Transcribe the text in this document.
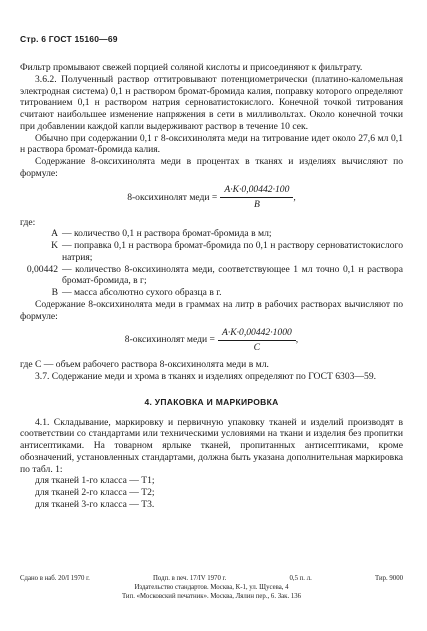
Стр. 6 ГОСТ 15160—69

Фильтр промывают свежей порцией соляной кислоты и присоединяют к фильтрату.

3.6.2. Полученный раствор оттитровывают потенциометрически (платино-каломельная электродная система) 0,1 н раствором бромат-бромида калия, поправку которого определяют титрованием 0,1 н раствором натрия серноватистокислого. Конечной точкой титрования считают наибольшее изменение напряжения в сети в милливольтах. Около конечной точки при добавлении каждой капли выдерживают раствор в течение 10 сек.

Обычно при содержании 0,1 г 8-оксихинолята меди на титрование идет около 27,6 мл 0,1 н раствора бромат-бромида калия.

Содержание 8-оксихинолята меди в процентах в тканях и изделиях вычисляют по формуле:

8-оксихинолят меди = $\frac{A\cdot K\cdot 0,00442\cdot 100}{B}$ ,

где:

A — количество 0,1 н раствора бромат-бромида в мл;
K — поправка 0,1 н раствора бромат-бромида по 0,1 н раствору серноватистокислого натрия;
0,00442 — количество 8-оксихинолята меди, соответствующее 1 мл точно 0,1 н раствора бромат-бромида, в г;
B — масса абсолютно сухого образца в г.

Содержание 8-оксихинолята меди в граммах на литр в рабочих растворах вычисляют по формуле:

8-оксихинолят меди = $\frac{A\cdot K\cdot 0,00442\cdot 1000}{C}$ ,

где C — объем рабочего раствора 8-оксихинолята меди в мл.

3.7. Содержание меди и хрома в тканях и изделиях определяют по ГОСТ 6303—59.

4. УПАКОВКА И МАРКИРОВКА

4.1. Складывание, маркировку и первичную упаковку тканей и изделий производят в соответствии со стандартами или техническими условиями на ткани и изделия без пропитки антисептиками. На товарном ярлыке тканей, пропитанных антисептиками, кроме обозначений, установленных стандартами, должна быть указана дополнительная маркировка по табл. 1:

для тканей 1-го класса — T1;
для тканей 2-го класса — T2;
для тканей 3-го класса — T3.
Сдано в наб. 20/I 1970 г.	Подп. в печ. 17/IV 1970 г.	0,5 п. л.	Тир. 9000
Издательство стандартов. Москва, К-1, ул. Щусева, 4
Тип. «Московский печатник». Москва, Лялин пер., 6. Зак. 136
